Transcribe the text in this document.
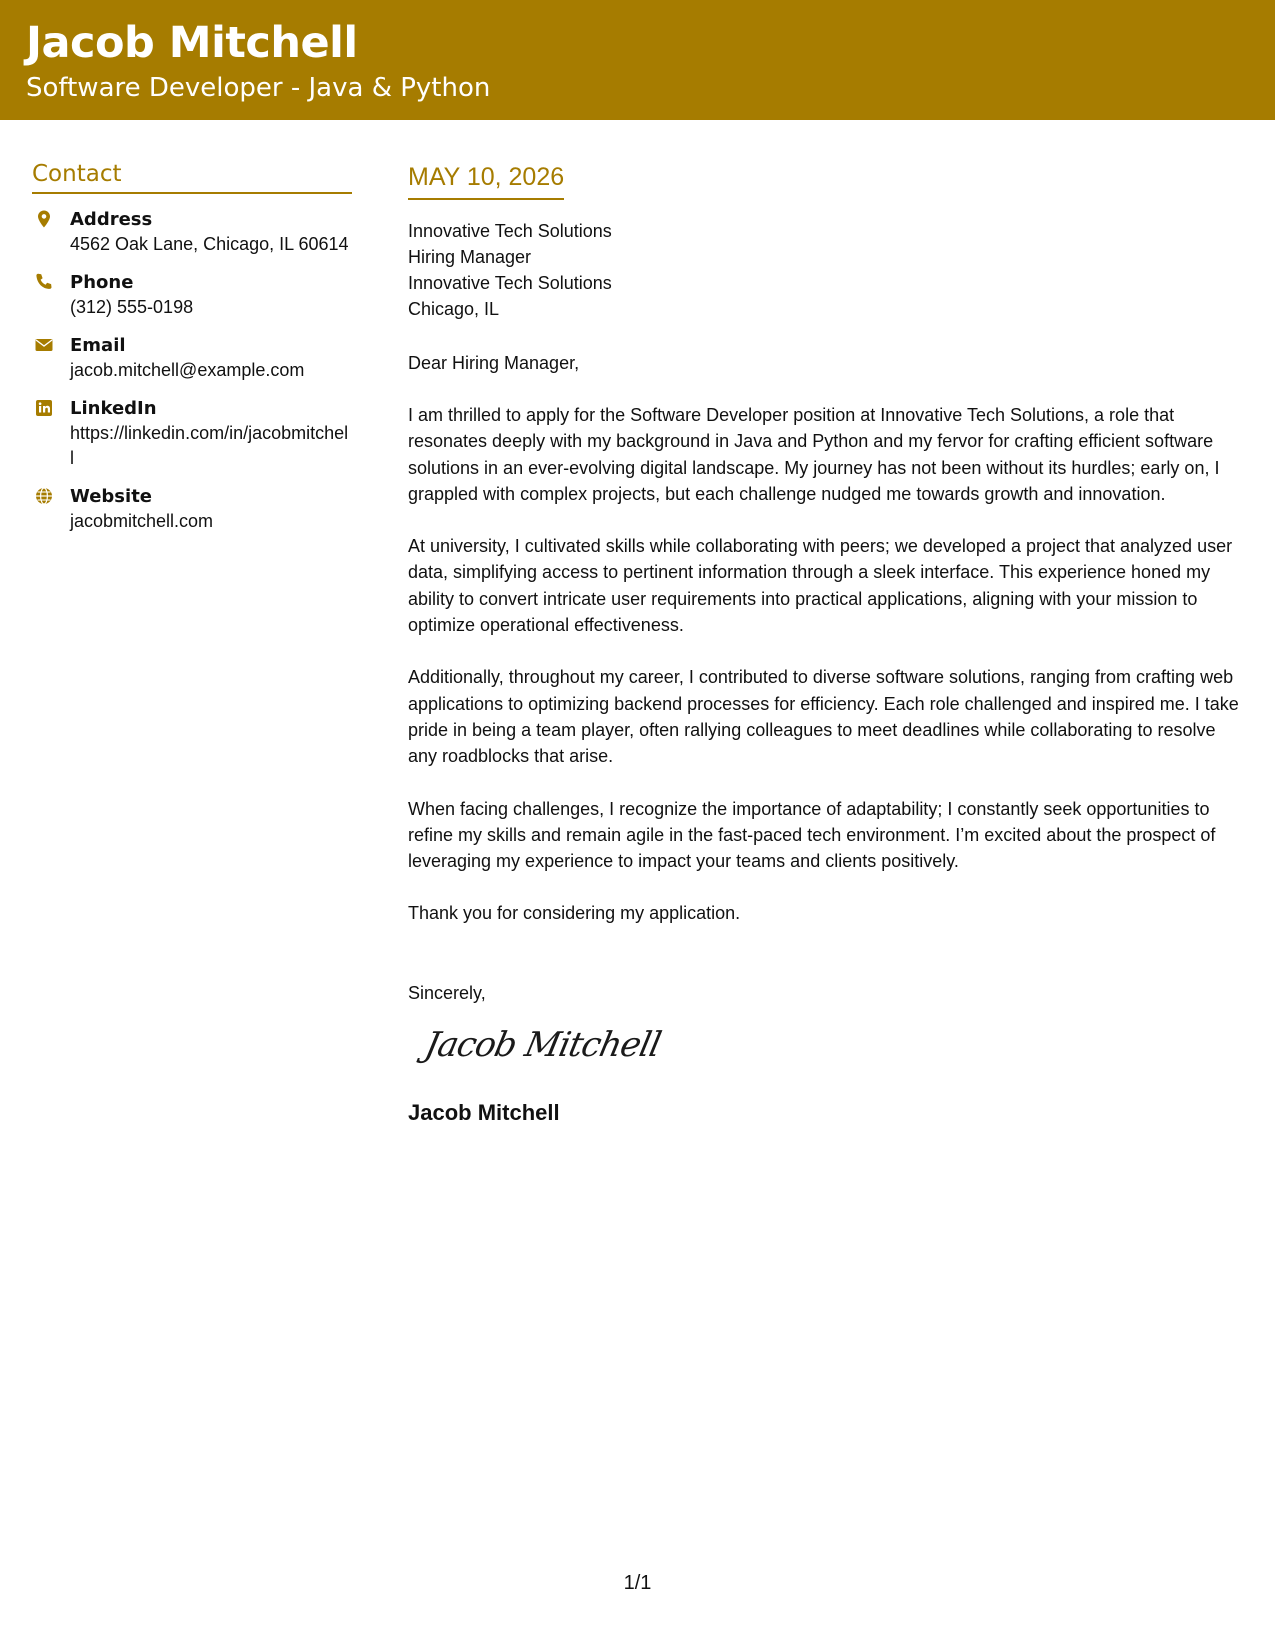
Jacob Mitchell
Software Developer - Java & Python
Contact
Address
4562 Oak Lane, Chicago, IL 60614
Phone
(312) 555-0198
Email
jacob.mitchell@example.com
LinkedIn
https://linkedin.com/in/jacobmitchell
Website
jacobmitchell.com
MAY 10, 2026
Innovative Tech Solutions
Hiring Manager
Innovative Tech Solutions
Chicago, IL
Dear Hiring Manager,
I am thrilled to apply for the Software Developer position at Innovative Tech Solutions, a role that resonates deeply with my background in Java and Python and my fervor for crafting efficient software solutions in an ever-evolving digital landscape. My journey has not been without its hurdles; early on, I grappled with complex projects, but each challenge nudged me towards growth and innovation.
At university, I cultivated skills while collaborating with peers; we developed a project that analyzed user data, simplifying access to pertinent information through a sleek interface. This experience honed my ability to convert intricate user requirements into practical applications, aligning with your mission to optimize operational effectiveness.
Additionally, throughout my career, I contributed to diverse software solutions, ranging from crafting web applications to optimizing backend processes for efficiency. Each role challenged and inspired me. I take pride in being a team player, often rallying colleagues to meet deadlines while collaborating to resolve any roadblocks that arise.
When facing challenges, I recognize the importance of adaptability; I constantly seek opportunities to refine my skills and remain agile in the fast-paced tech environment. I’m excited about the prospect of leveraging my experience to impact your teams and clients positively.
Thank you for considering my application.
Sincerely,
Jacob Mitchell
Jacob Mitchell
1/1
